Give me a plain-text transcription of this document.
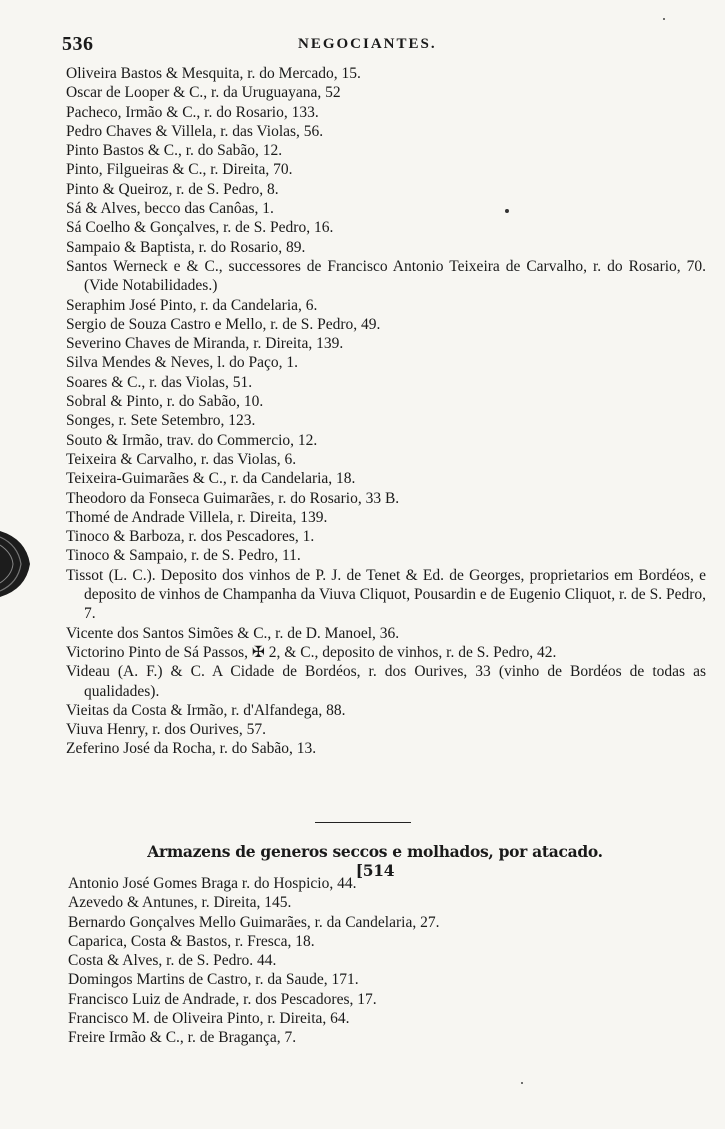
536	NEGOCIANTES.
Oliveira Bastos & Mesquita, r. do Mercado, 15.
Oscar de Looper & C., r. da Uruguayana, 52
Pacheco, Irmão & C., r. do Rosario, 133.
Pedro Chaves & Villela, r. das Violas, 56.
Pinto Bastos & C., r. do Sabão, 12.
Pinto, Filgueiras & C., r. Direita, 70.
Pinto & Queiroz, r. de S. Pedro, 8.
Sá & Alves, becco das Canôas, 1.
Sá Coelho & Gonçalves, r. de S. Pedro, 16.
Sampaio & Baptista, r. do Rosario, 89.
Santos Werneck e & C., successores de Francisco Antonio Teixeira de Carvalho, r. do Rosario, 70. (Vide Notabilidades.)
Seraphim José Pinto, r. da Candelaria, 6.
Sergio de Souza Castro e Mello, r. de S. Pedro, 49.
Severino Chaves de Miranda, r. Direita, 139.
Silva Mendes & Neves, l. do Paço, 1.
Soares & C., r. das Violas, 51.
Sobral & Pinto, r. do Sabão, 10.
Songes, r. Sete Setembro, 123.
Souto & Irmão, trav. do Commercio, 12.
Teixeira & Carvalho, r. das Violas, 6.
Teixeira-Guimarães & C., r. da Candelaria, 18.
Theodoro da Fonseca Guimarães, r. do Rosario, 33 B.
Thomé de Andrade Villela, r. Direita, 139.
Tinoco & Barboza, r. dos Pescadores, 1.
Tinoco & Sampaio, r. de S. Pedro, 11.
Tissot (L. C.). Deposito dos vinhos de P. J. de Tenet & Ed. de Georges, proprietarios em Bordéos, e deposito de vinhos de Champanha da Viuva Cliquot, Pousardin e de Eugenio Cliquot, r. de S. Pedro, 7.
Vicente dos Santos Simões & C., r. de D. Manoel, 36.
Victorino Pinto de Sá Passos, ✠ 2, & C., deposito de vinhos, r. de S. Pedro, 42.
Videau (A. F.) & C. A Cidade de Bordéos, r. dos Ourives, 33 (vinho de Bordéos de todas as qualidades).
Vieitas da Costa & Irmão, r. d'Alfandega, 88.
Viuva Henry, r. dos Ourives, 57.
Zeferino José da Rocha, r. do Sabão, 13.
Armazens de generos seccos e molhados, por atacado. [514
Antonio José Gomes Braga r. do Hospicio, 44.
Azevedo & Antunes, r. Direita, 145.
Bernardo Gonçalves Mello Guimarães, r. da Candelaria, 27.
Caparica, Costa & Bastos, r. Fresca, 18.
Costa & Alves, r. de S. Pedro. 44.
Domingos Martins de Castro, r. da Saude, 171.
Francisco Luiz de Andrade, r. dos Pescadores, 17.
Francisco M. de Oliveira Pinto, r. Direita, 64.
Freire Irmão & C., r. de Bragança, 7.
